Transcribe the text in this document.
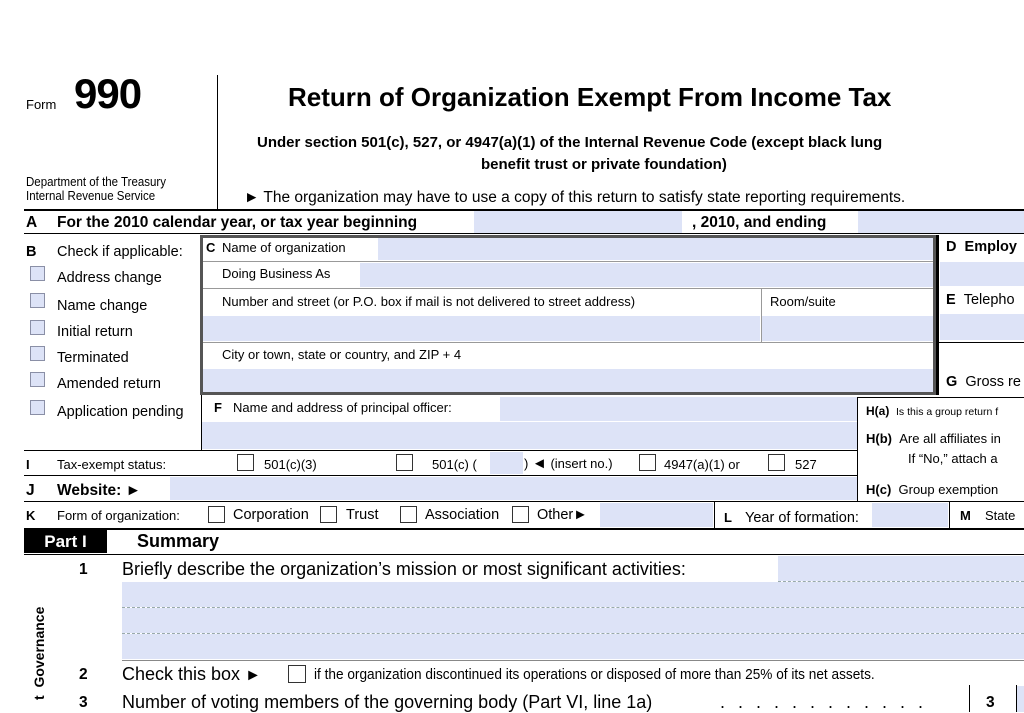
Form 990
Department of the Treasury
Internal Revenue Service
Return of Organization Exempt From Income Tax
Under section 501(c), 527, or 4947(a)(1) of the Internal Revenue Code (except black lung
benefit trust or private foundation)
► The organization may have to use a copy of this return to satisfy state reporting requirements.
A For the 2010 calendar year, or tax year beginning	, 2010, and ending
B Check if applicable:
Address change
Name change
Initial return
Terminated
Amended return
Application pending
C Name of organization
Doing Business As
Number and street (or P.O. box if mail is not delivered to street address)	Room/suite
City or town, state or country, and ZIP + 4
D Employ
E Telepho
G Gross re
H(a) Is this a group return f
H(b) Are all affiliates in
If “No,” attach a
H(c) Group exemption
F Name and address of principal officer:
I Tax-exempt status:	501(c)(3)	501(c) (	) ◄ (insert no.)	4947(a)(1) or	527
J Website: ►
K Form of organization:	Corporation	Trust	Association	Other►	L Year of formation:	M State
Part I	Summary
t  Governance
1 Briefly describe the organization’s mission or most significant activities:
2 Check this box ►	if the organization discontinued its operations or disposed of more than 25% of its net assets.
3 Number of voting members of the governing body (Part VI, line 1a)	. . . . . . . . . . . .	3
